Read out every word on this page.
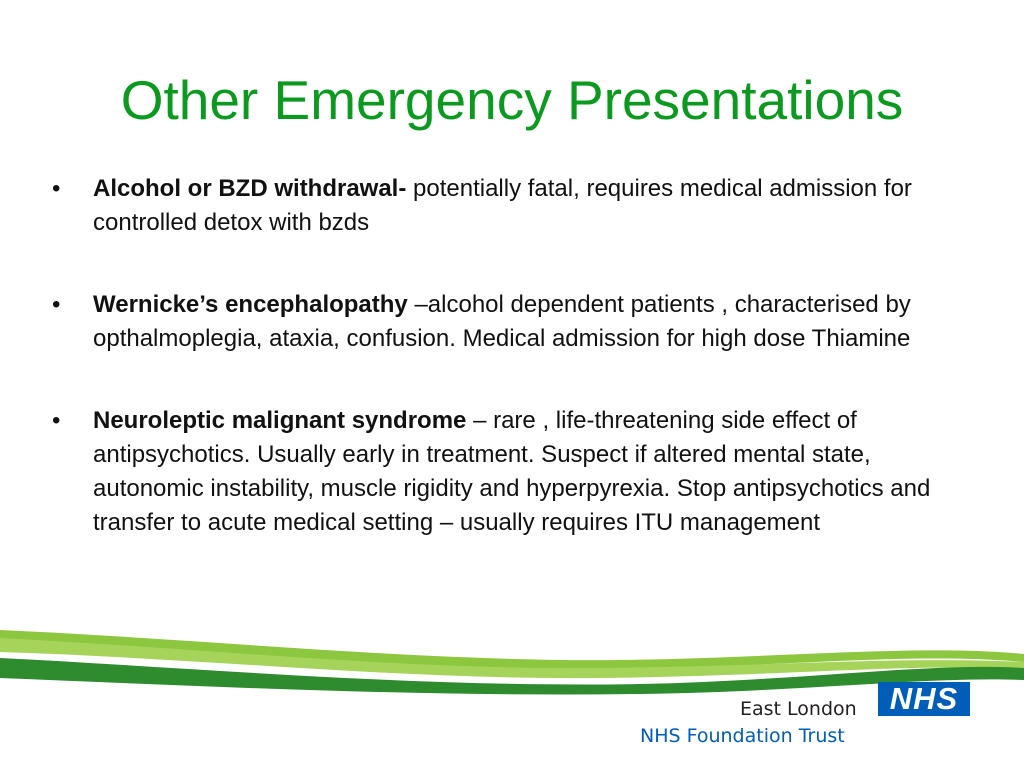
Other Emergency Presentations
• Alcohol or BZD withdrawal- potentially fatal, requires medical admission for controlled detox with bzds
• Wernicke’s encephalopathy –alcohol dependent patients , characterised by opthalmoplegia, ataxia, confusion. Medical admission for high dose Thiamine
• Neuroleptic malignant syndrome – rare , life-threatening side effect of antipsychotics. Usually early in treatment. Suspect if altered mental state, autonomic instability, muscle rigidity and hyperpyrexia. Stop antipsychotics and transfer to acute medical setting – usually requires ITU management
East London	NHS
NHS Foundation Trust
